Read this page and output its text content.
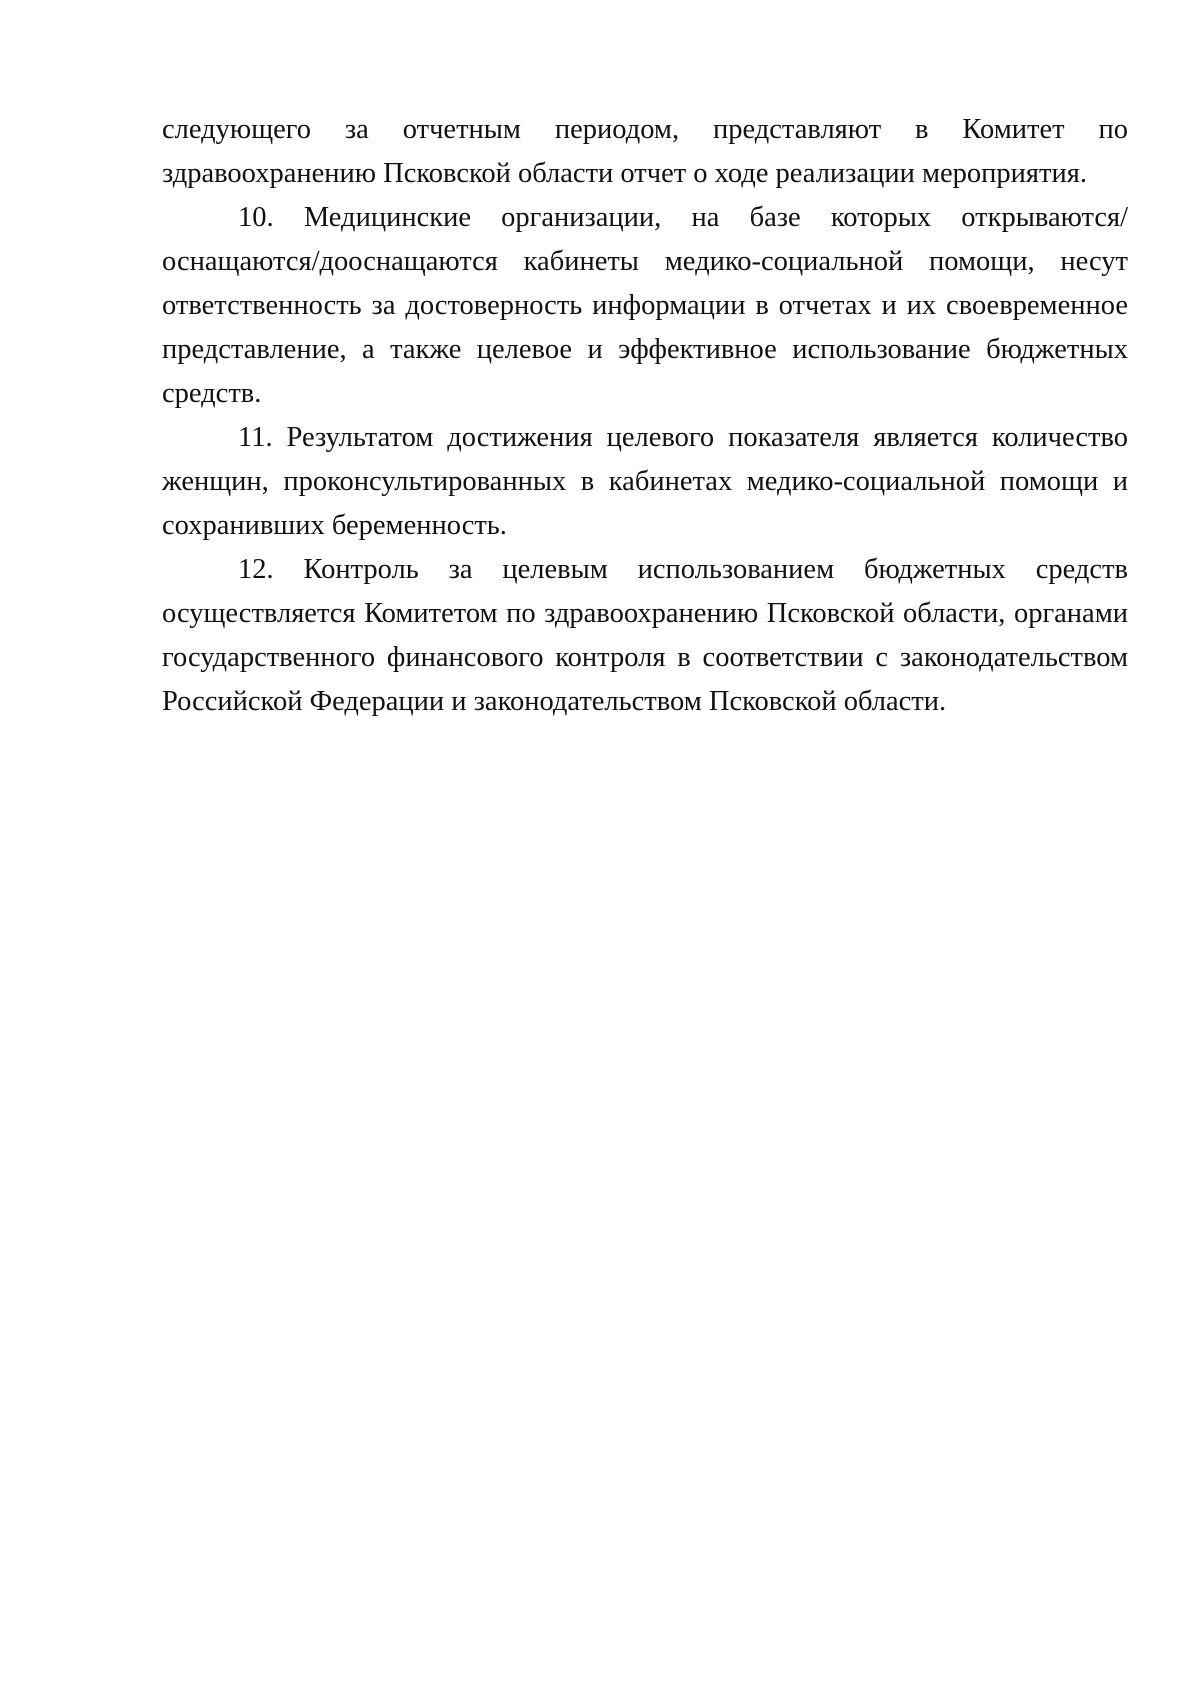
следующего за отчетным периодом, представляют в Комитет по здравоохранению Псковской области отчет о ходе реализации мероприятия.

10. Медицинские организации, на базе которых открываются/оснащаются/дооснащаются кабинеты медико-социальной помощи, несут ответственность за достоверность информации в отчетах и их своевременное представление, а также целевое и эффективное использование бюджетных средств.

11. Результатом достижения целевого показателя является количество женщин, проконсультированных в кабинетах медико-социальной помощи и сохранивших беременность.

12. Контроль за целевым использованием бюджетных средств осуществляется Комитетом по здравоохранению Псковской области, органами государственного финансового контроля в соответствии с законодательством Российской Федерации и законодательством Псковской области.
